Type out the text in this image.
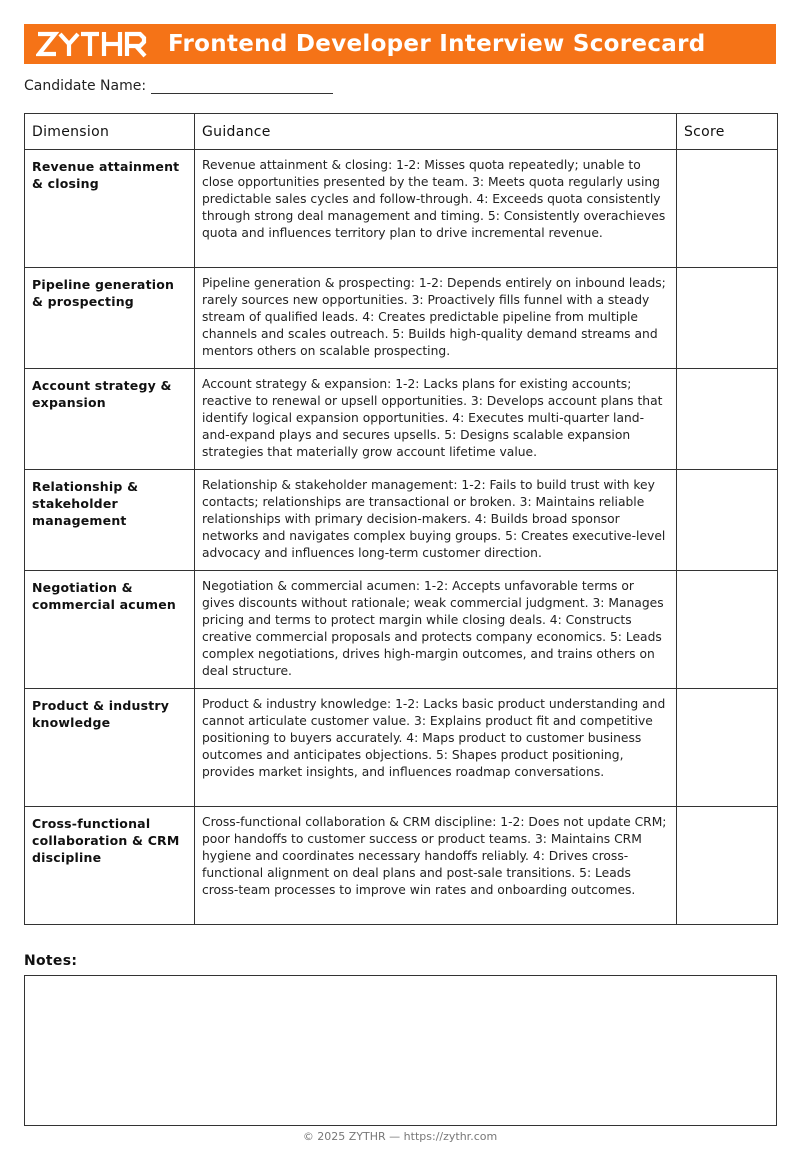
Frontend Developer Interview Scorecard
Candidate Name:
Dimension	Guidance	Score
Revenue attainment & closing	Revenue attainment & closing: 1-2: Misses quota repeatedly; unable to close opportunities presented by the team. 3: Meets quota regularly using predictable sales cycles and follow-through. 4: Exceeds quota consistently through strong deal management and timing. 5: Consistently overachieves quota and influences territory plan to drive incremental revenue.	
Pipeline generation & prospecting	Pipeline generation & prospecting: 1-2: Depends entirely on inbound leads; rarely sources new opportunities. 3: Proactively fills funnel with a steady stream of qualified leads. 4: Creates predictable pipeline from multiple channels and scales outreach. 5: Builds high-quality demand streams and mentors others on scalable prospecting.	
Account strategy & expansion	Account strategy & expansion: 1-2: Lacks plans for existing accounts; reactive to renewal or upsell opportunities. 3: Develops account plans that identify logical expansion opportunities. 4: Executes multi-quarter land-and-expand plays and secures upsells. 5: Designs scalable expansion strategies that materially grow account lifetime value.	
Relationship & stakeholder management	Relationship & stakeholder management: 1-2: Fails to build trust with key contacts; relationships are transactional or broken. 3: Maintains reliable relationships with primary decision-makers. 4: Builds broad sponsor networks and navigates complex buying groups. 5: Creates executive-level advocacy and influences long-term customer direction.	
Negotiation & commercial acumen	Negotiation & commercial acumen: 1-2: Accepts unfavorable terms or gives discounts without rationale; weak commercial judgment. 3: Manages pricing and terms to protect margin while closing deals. 4: Constructs creative commercial proposals and protects company economics. 5: Leads complex negotiations, drives high-margin outcomes, and trains others on deal structure.	
Product & industry knowledge	Product & industry knowledge: 1-2: Lacks basic product understanding and cannot articulate customer value. 3: Explains product fit and competitive positioning to buyers accurately. 4: Maps product to customer business outcomes and anticipates objections. 5: Shapes product positioning, provides market insights, and influences roadmap conversations.	
Cross-functional collaboration & CRM discipline	Cross-functional collaboration & CRM discipline: 1-2: Does not update CRM; poor handoffs to customer success or product teams. 3: Maintains CRM hygiene and coordinates necessary handoffs reliably. 4: Drives cross-functional alignment on deal plans and post-sale transitions. 5: Leads cross-team processes to improve win rates and onboarding outcomes.	
Notes:
© 2025 ZYTHR — https://zythr.com
